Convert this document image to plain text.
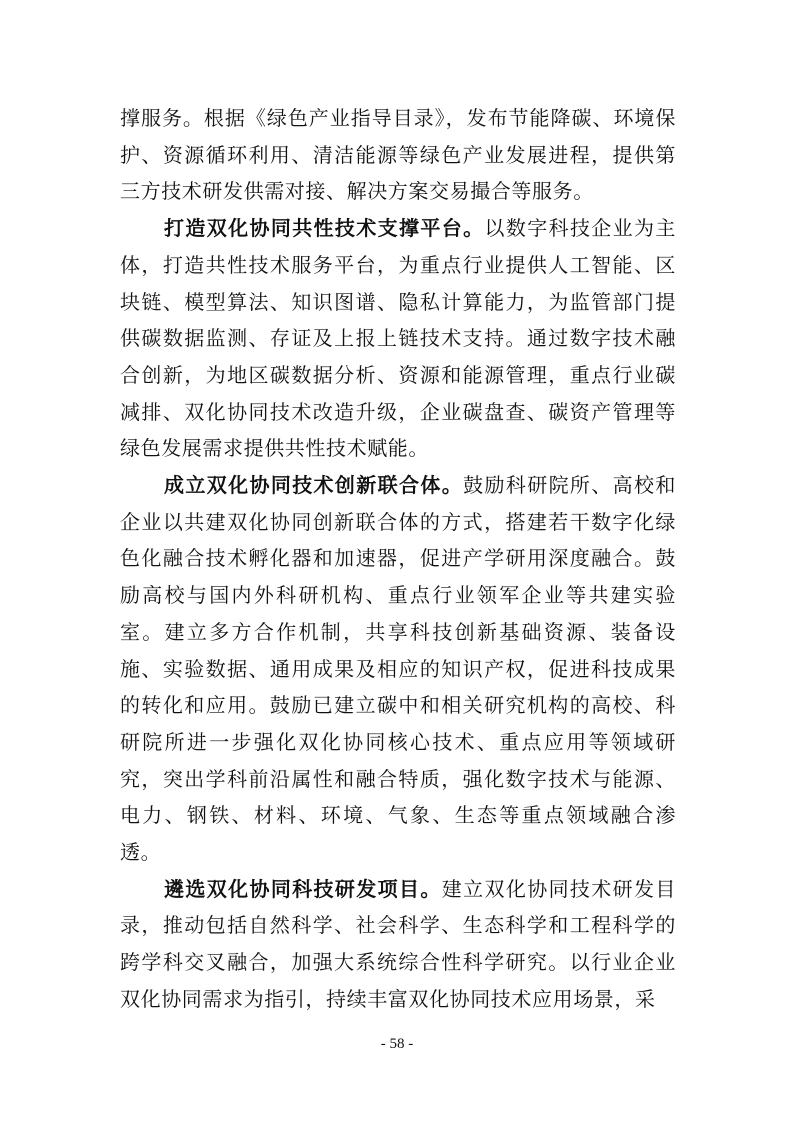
撑服务。根据《绿色产业指导目录》，发布节能降碳、环境保护、资源循环利用、清洁能源等绿色产业发展进程，提供第三方技术研发供需对接、解决方案交易撮合等服务。

打造双化协同共性技术支撑平台。以数字科技企业为主体，打造共性技术服务平台，为重点行业提供人工智能、区块链、模型算法、知识图谱、隐私计算能力，为监管部门提供碳数据监测、存证及上报上链技术支持。通过数字技术融合创新，为地区碳数据分析、资源和能源管理，重点行业碳减排、双化协同技术改造升级，企业碳盘查、碳资产管理等绿色发展需求提供共性技术赋能。

成立双化协同技术创新联合体。鼓励科研院所、高校和企业以共建双化协同创新联合体的方式，搭建若干数字化绿色化融合技术孵化器和加速器，促进产学研用深度融合。鼓励高校与国内外科研机构、重点行业领军企业等共建实验室。建立多方合作机制，共享科技创新基础资源、装备设施、实验数据、通用成果及相应的知识产权，促进科技成果的转化和应用。鼓励已建立碳中和相关研究机构的高校、科研院所进一步强化双化协同核心技术、重点应用等领域研究，突出学科前沿属性和融合特质，强化数字技术与能源、电力、钢铁、材料、环境、气象、生态等重点领域融合渗透。

遴选双化协同科技研发项目。建立双化协同技术研发目录，推动包括自然科学、社会科学、生态科学和工程科学的跨学科交叉融合，加强大系统综合性科学研究。以行业企业双化协同需求为指引，持续丰富双化协同技术应用场景，采

- 58 -
